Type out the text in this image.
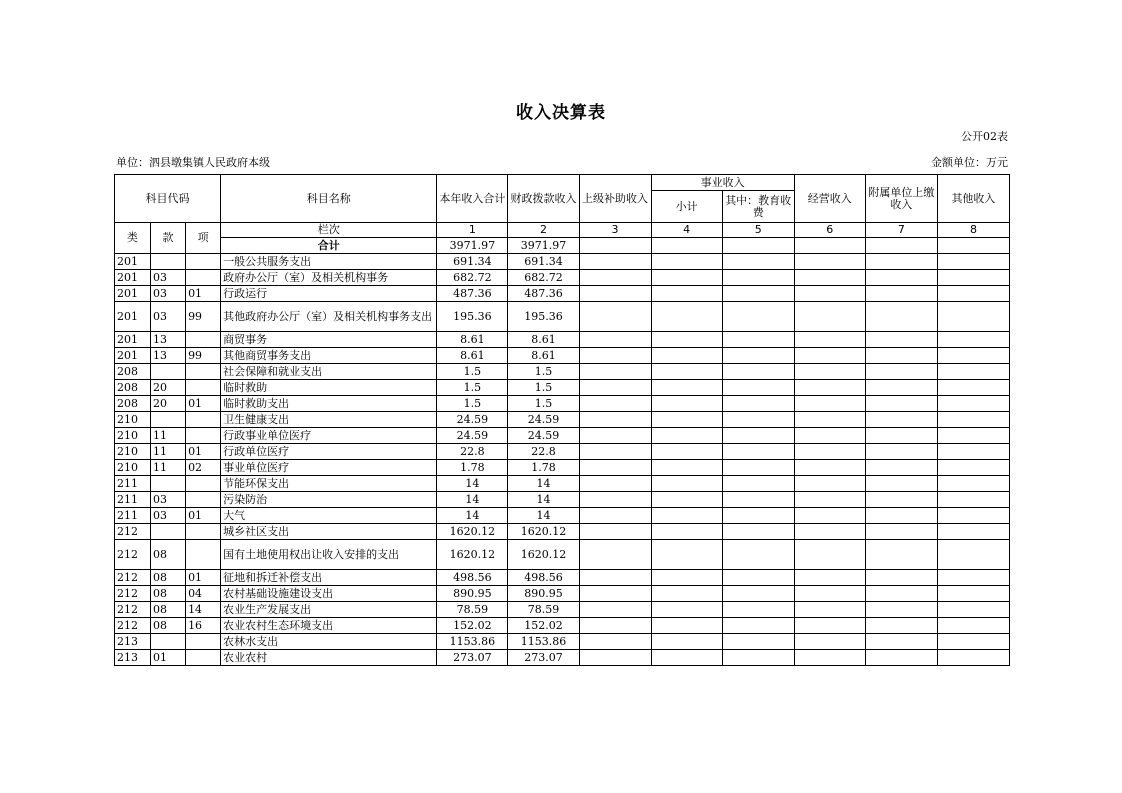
收入决算表
公开02表
单位：泗县墩集镇人民政府本级	金额单位：万元
科目代码			科目名称	本年收入合计	财政拨款收入	上级补助收入	事业收入		经营收入	附属单位上缴收入	其他收入
							小计	其中：教育收费			

类	款	项	栏次	1	2	3	4	5	6	7	8
			合计	3971.97	3971.97						
201			一般公共服务支出	691.34	691.34						
201	03		政府办公厅（室）及相关机构事务	682.72	682.72						
201	03	01	行政运行	487.36	487.36						
201	03	99	其他政府办公厅（室）及相关机构事务支出	195.36	195.36						
201	13		商贸事务	8.61	8.61						
201	13	99	其他商贸事务支出	8.61	8.61						
208			社会保障和就业支出	1.5	1.5						
208	20		临时救助	1.5	1.5						
208	20	01	临时救助支出	1.5	1.5						
210			卫生健康支出	24.59	24.59						
210	11		行政事业单位医疗	24.59	24.59						
210	11	01	行政单位医疗	22.8	22.8						
210	11	02	事业单位医疗	1.78	1.78						
211			节能环保支出	14	14						
211	03		污染防治	14	14						
211	03	01	大气	14	14						
212			城乡社区支出	1620.12	1620.12						
212	08		国有土地使用权出让收入安排的支出	1620.12	1620.12						
212	08	01	征地和拆迁补偿支出	498.56	498.56						
212	08	04	农村基础设施建设支出	890.95	890.95						
212	08	14	农业生产发展支出	78.59	78.59						
212	08	16	农业农村生态环境支出	152.02	152.02						
213			农林水支出	1153.86	1153.86						
213	01		农业农村	273.07	273.07						
